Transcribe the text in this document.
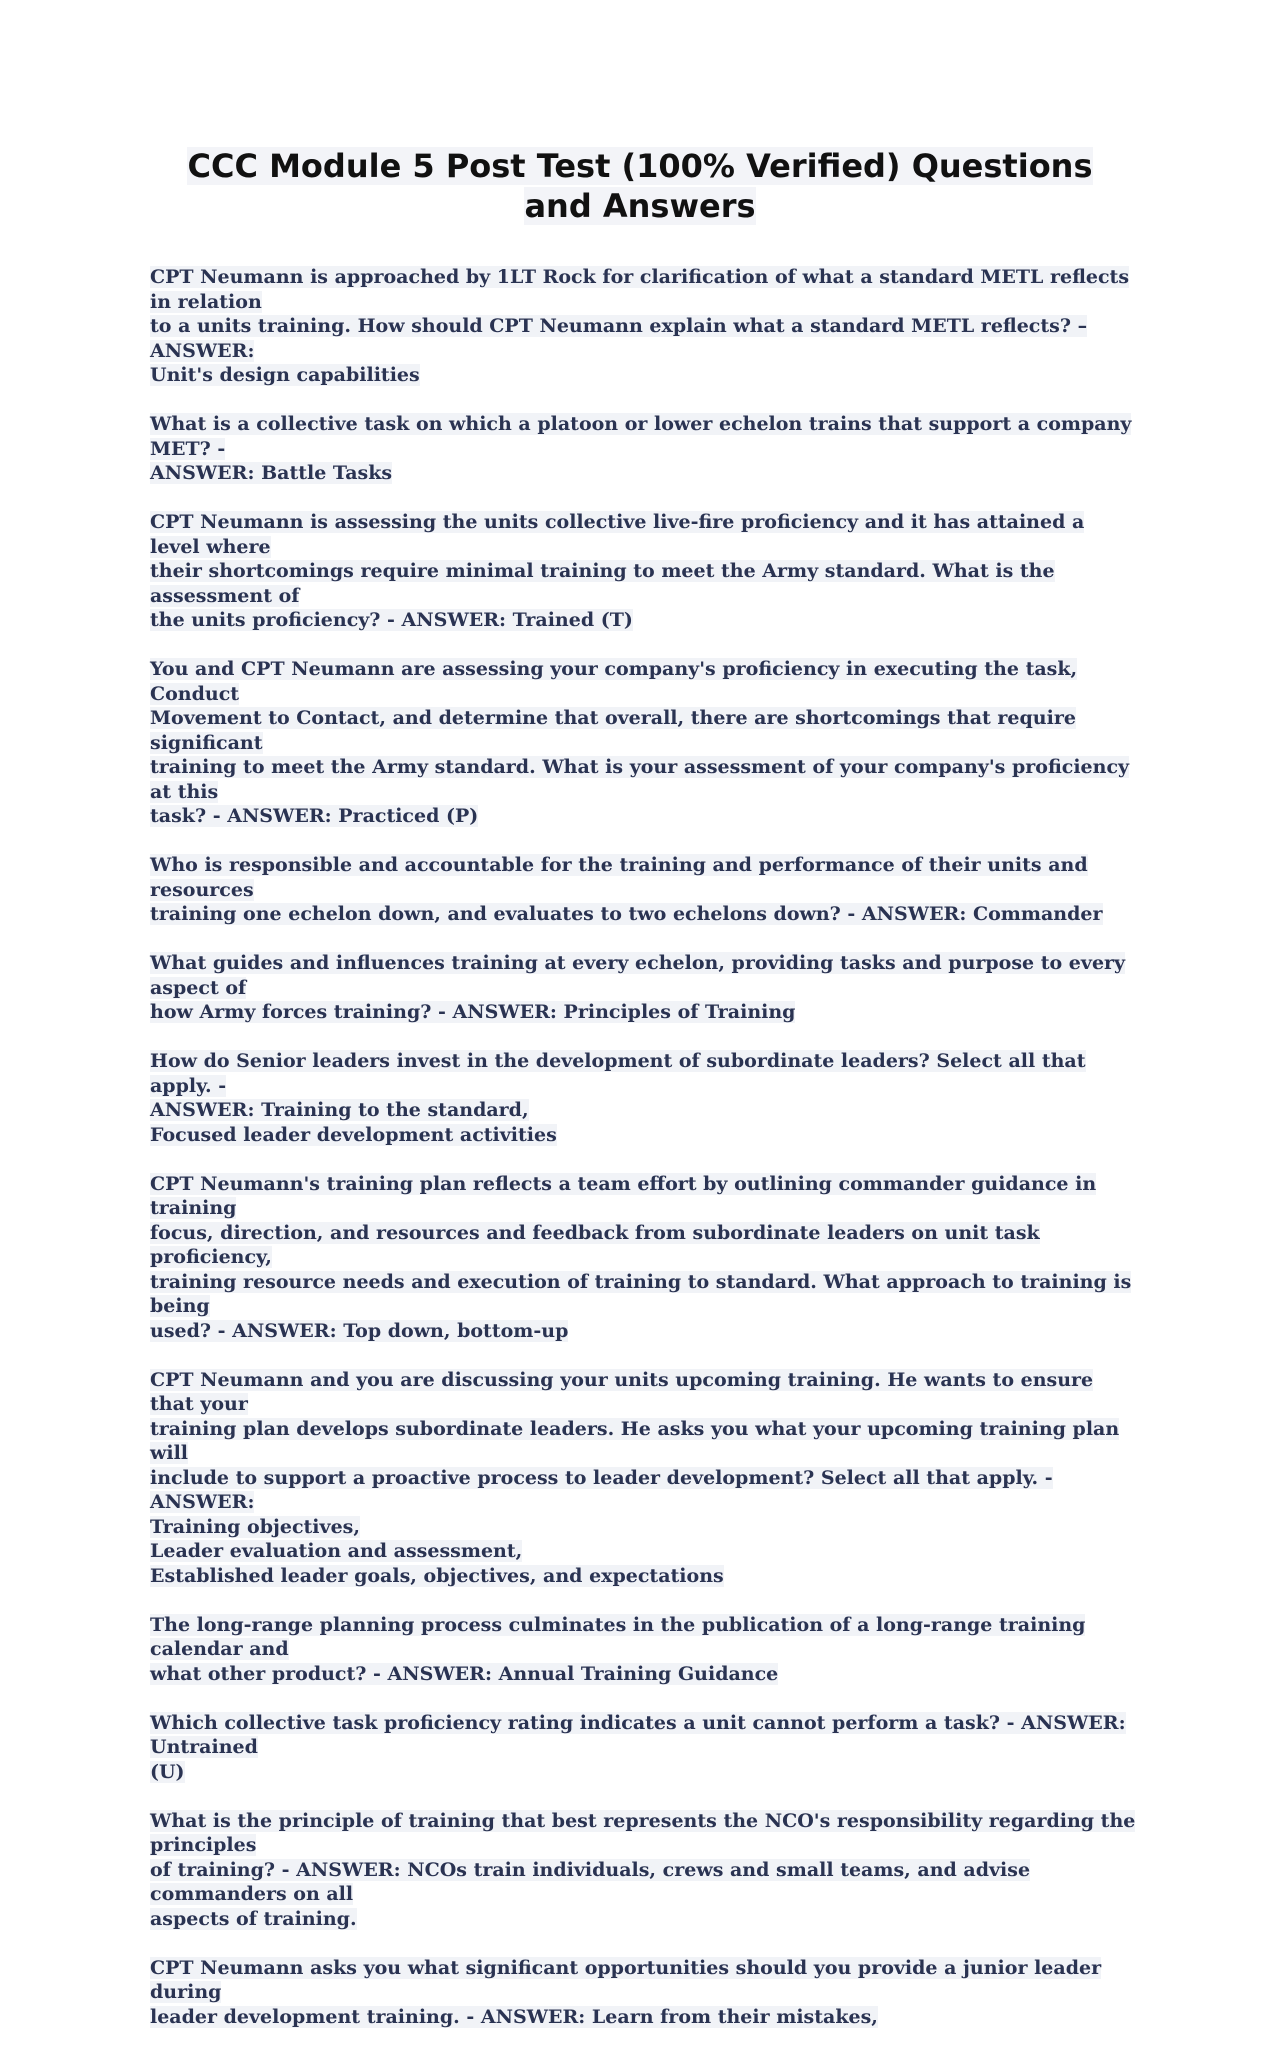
CCC Module 5 Post Test (100% Verified) Questions
and Answers

CPT Neumann is approached by 1LT Rock for clarification of what a standard METL reflects in relation
to a units training. How should CPT Neumann explain what a standard METL reflects? –ANSWER:
Unit's design capabilities

What is a collective task on which a platoon or lower echelon trains that support a company MET? -
ANSWER: Battle Tasks

CPT Neumann is assessing the units collective live-fire proficiency and it has attained a level where
their shortcomings require minimal training to meet the Army standard. What is the assessment of
the units proficiency? - ANSWER: Trained (T)

You and CPT Neumann are assessing your company's proficiency in executing the task, Conduct
Movement to Contact, and determine that overall, there are shortcomings that require significant
training to meet the Army standard. What is your assessment of your company's proficiency at this
task? - ANSWER: Practiced (P)

Who is responsible and accountable for the training and performance of their units and resources
training one echelon down, and evaluates to two echelons down? - ANSWER: Commander

What guides and influences training at every echelon, providing tasks and purpose to every aspect of
how Army forces training? - ANSWER: Principles of Training

How do Senior leaders invest in the development of subordinate leaders? Select all that apply. -
ANSWER: Training to the standard,
Focused leader development activities

CPT Neumann's training plan reflects a team effort by outlining commander guidance in training
focus, direction, and resources and feedback from subordinate leaders on unit task proficiency,
training resource needs and execution of training to standard. What approach to training is being
used? - ANSWER: Top down, bottom-up

CPT Neumann and you are discussing your units upcoming training. He wants to ensure that your
training plan develops subordinate leaders. He asks you what your upcoming training plan will
include to support a proactive process to leader development? Select all that apply. - ANSWER:
Training objectives,
Leader evaluation and assessment,
Established leader goals, objectives, and expectations

The long-range planning process culminates in the publication of a long-range training calendar and
what other product? - ANSWER: Annual Training Guidance

Which collective task proficiency rating indicates a unit cannot perform a task? - ANSWER: Untrained
(U)

What is the principle of training that best represents the NCO's responsibility regarding the principles
of training? - ANSWER: NCOs train individuals, crews and small teams, and advise commanders on all
aspects of training.

CPT Neumann asks you what significant opportunities should you provide a junior leader during
leader development training. - ANSWER: Learn from their mistakes,
